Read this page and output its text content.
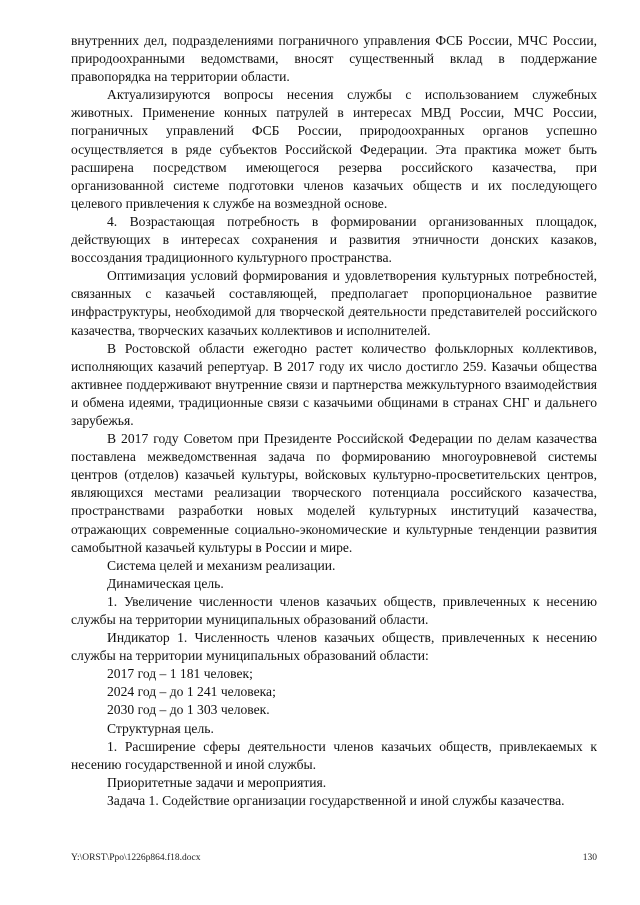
внутренних дел, подразделениями пограничного управления ФСБ России, МЧС России, природоохранными ведомствами, вносят существенный вклад в поддержание правопорядка на территории области.

Актуализируются вопросы несения службы с использованием служебных животных. Применение конных патрулей в интересах МВД России, МЧС России, пограничных управлений ФСБ России, природоохранных органов успешно осуществляется в ряде субъектов Российской Федерации. Эта практика может быть расширена посредством имеющегося резерва российского казачества, при организованной системе подготовки членов казачьих обществ и их последующего целевого привлечения к службе на возмездной основе.

4. Возрастающая потребность в формировании организованных площадок, действующих в интересах сохранения и развития этничности донских казаков, воссоздания традиционного культурного пространства.

Оптимизация условий формирования и удовлетворения культурных потребностей, связанных с казачьей составляющей, предполагает пропорциональное развитие инфраструктуры, необходимой для творческой деятельности представителей российского казачества, творческих казачьих коллективов и исполнителей.

В Ростовской области ежегодно растет количество фольклорных коллективов, исполняющих казачий репертуар. В 2017 году их число достигло 259. Казачьи общества активнее поддерживают внутренние связи и партнерства межкультурного взаимодействия и обмена идеями, традиционные связи с казачьими общинами в странах СНГ и дальнего зарубежья.

В 2017 году Советом при Президенте Российской Федерации по делам казачества поставлена межведомственная задача по формированию многоуровневой системы центров (отделов) казачьей культуры, войсковых культурно-просветительских центров, являющихся местами реализации творческого потенциала российского казачества, пространствами разработки новых моделей культурных институций казачества, отражающих современные социально-экономические и культурные тенденции развития самобытной казачьей культуры в России и мире.

Система целей и механизм реализации.

Динамическая цель.

1. Увеличение численности членов казачьих обществ, привлеченных к несению службы на территории муниципальных образований области.

Индикатор 1. Численность членов казачьих обществ, привлеченных к несению службы на территории муниципальных образований области:

2017 год – 1 181 человек;

2024 год – до 1 241 человека;

2030 год – до 1 303 человек.

Структурная цель.

1. Расширение сферы деятельности членов казачьих обществ, привлекаемых к несению государственной и иной службы.

Приоритетные задачи и мероприятия.

Задача 1. Содействие организации государственной и иной службы казачества.

Y:\ORST\Ppo\1226p864.f18.docx	130
